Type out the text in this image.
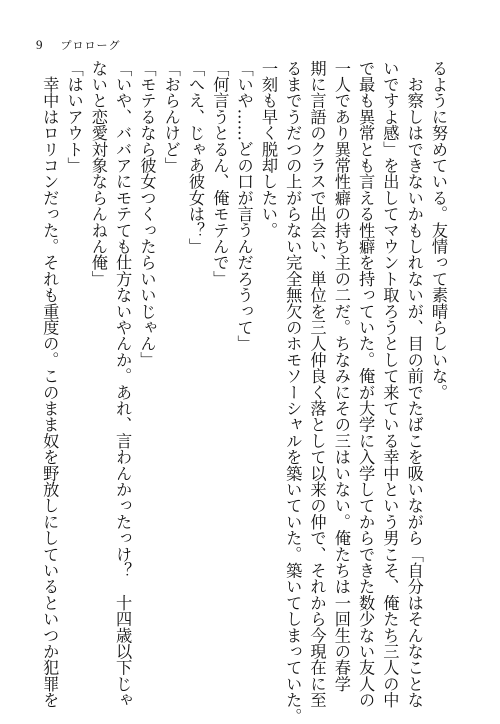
9 プロローグ
るように努めている。友情って素晴らしいな。
　お察しはできないかもしれないが、目の前でたばこを吸いながら「自分はそんなことな
いですよ感」を出してマウント取ろうとして来ている幸中という男こそ、俺たち三人の中
で最も異常とも言える性癖を持っていた。俺が大学に入学してからできた数少ない友人の
一人であり異常性癖の持ち主の二だ。ちなみにその三はいない。俺たちは一回生の春学
期に言語のクラスで出会い、単位を三人仲良く落として以来の仲で、それから今現在に至
るまでうだつの上がらない完全無欠のホモソーシャルを築いていた。築いてしまっていた。
一刻も早く脱却したい。
「いや……どの口が言うんだろうって」
「何言うとるん、俺モテんで」
「へえ、じゃあ彼女は？」
「おらんけど」
「モテるなら彼女つくったらいいじゃん」
「いや、ババアにモテても仕方ないやんか。あれ、言わんかったっけ？　十四歳以下じゃ
ないと恋愛対象ならんねん俺」
「はいアウト」
　幸中はロリコンだった。それも重度の。このまま奴を野放しにしているといつか犯罪を
